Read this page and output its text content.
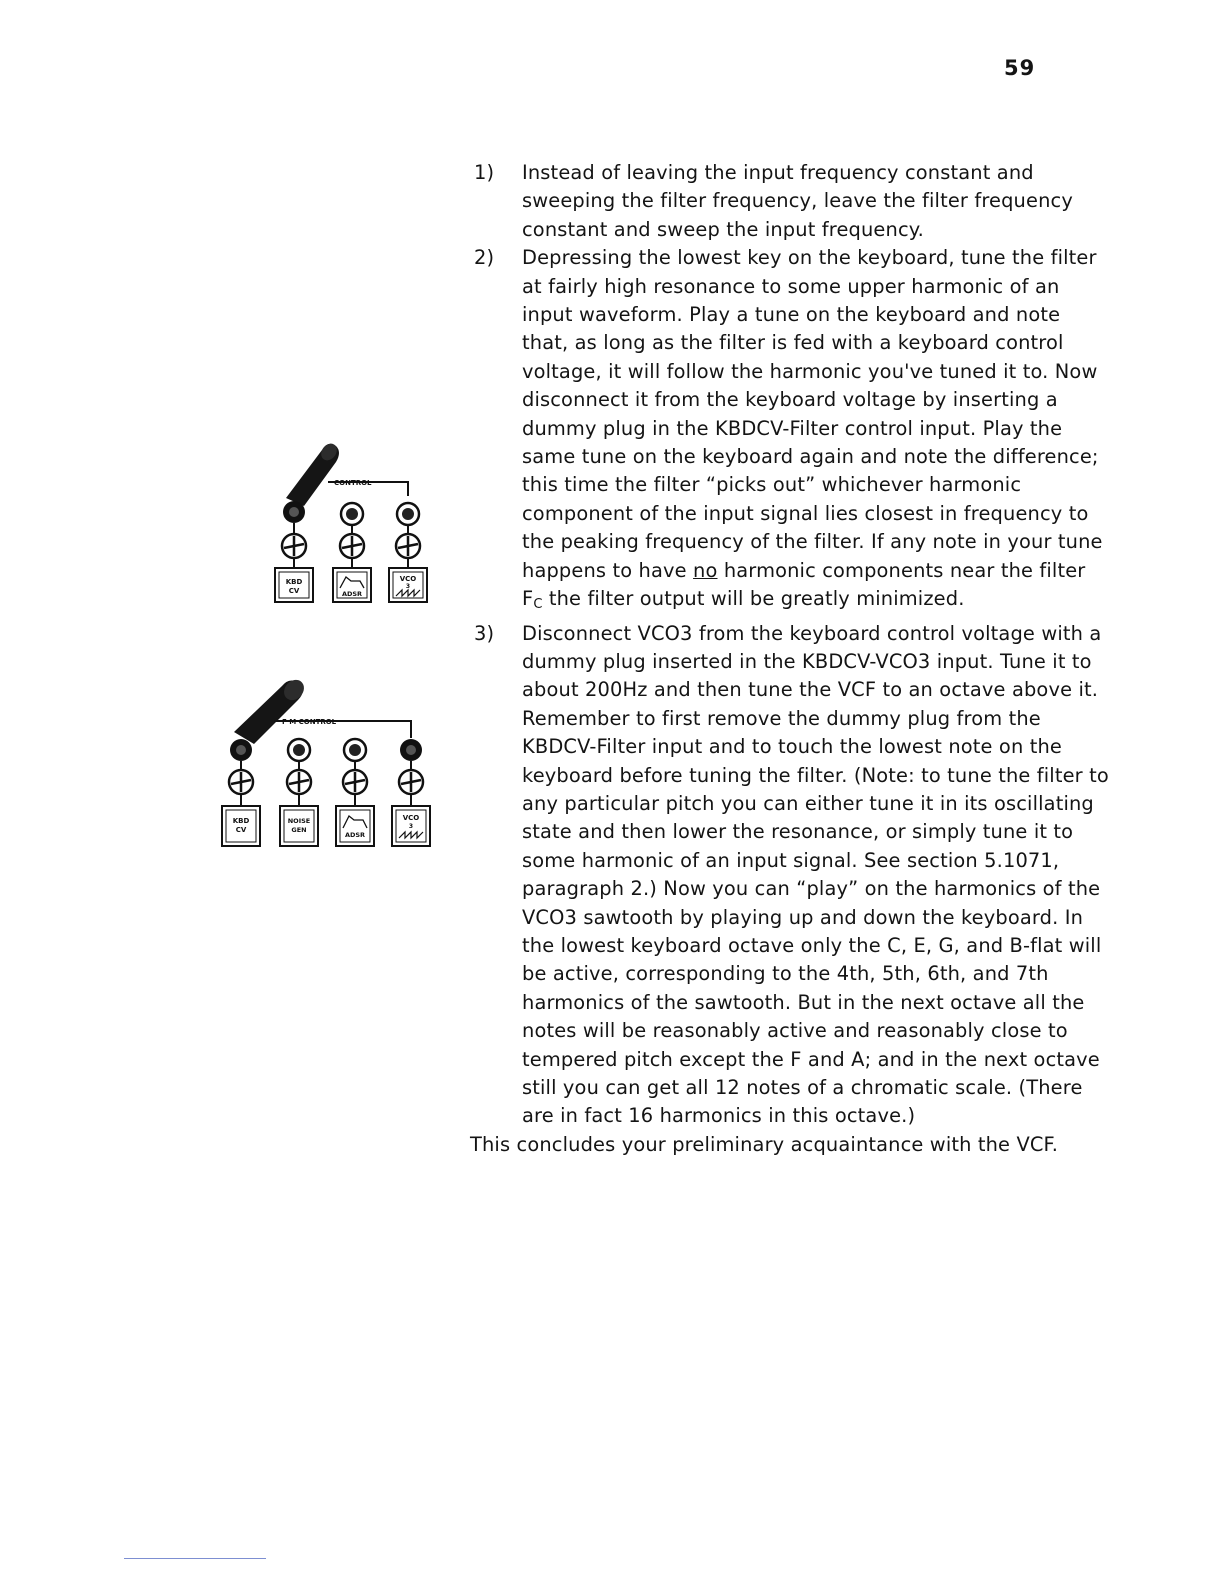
59
CONTROL
KBD
CV	ADSR
VCO
3
F M CONTROL
KBD
CV
NOISE
GEN
ADSR
VCO
3
1) Instead of leaving the input frequency constant and sweeping the filter frequency, leave the filter frequency constant and sweep the input frequency.
2) Depressing the lowest key on the keyboard, tune the filter at fairly high resonance to some upper harmonic of an input waveform. Play a tune on the keyboard and note that, as long as the filter is fed with a keyboard control voltage, it will follow the harmonic you've tuned it to. Now disconnect it from the keyboard voltage by inserting a dummy plug in the KBDCV-Filter control input. Play the same tune on the keyboard again and note the difference; this time the filter “picks out” whichever harmonic component of the input signal lies closest in frequency to the peaking frequency of the filter. If any note in your tune happens to have no harmonic components near the filter FC the filter output will be greatly minimized.
3) Disconnect VCO3 from the keyboard control voltage with a dummy plug inserted in the KBDCV-VCO3 input. Tune it to about 200Hz and then tune the VCF to an octave above it. Remember to first remove the dummy plug from the KBDCV-Filter input and to touch the lowest note on the keyboard before tuning the filter. (Note: to tune the filter to any particular pitch you can either tune it in its oscillating state and then lower the resonance, or simply tune it to some harmonic of an input signal. See section 5.1071, paragraph 2.) Now you can “play” on the harmonics of the VCO3 sawtooth by playing up and down the keyboard. In the lowest keyboard octave only the C, E, G, and B-flat will be active, corresponding to the 4th, 5th, 6th, and 7th harmonics of the sawtooth. But in the next octave all the notes will be reasonably active and reasonably close to tempered pitch except the F and A; and in the next octave still you can get all 12 notes of a chromatic scale. (There are in fact 16 harmonics in this octave.)
This concludes your preliminary acquaintance with the VCF.
